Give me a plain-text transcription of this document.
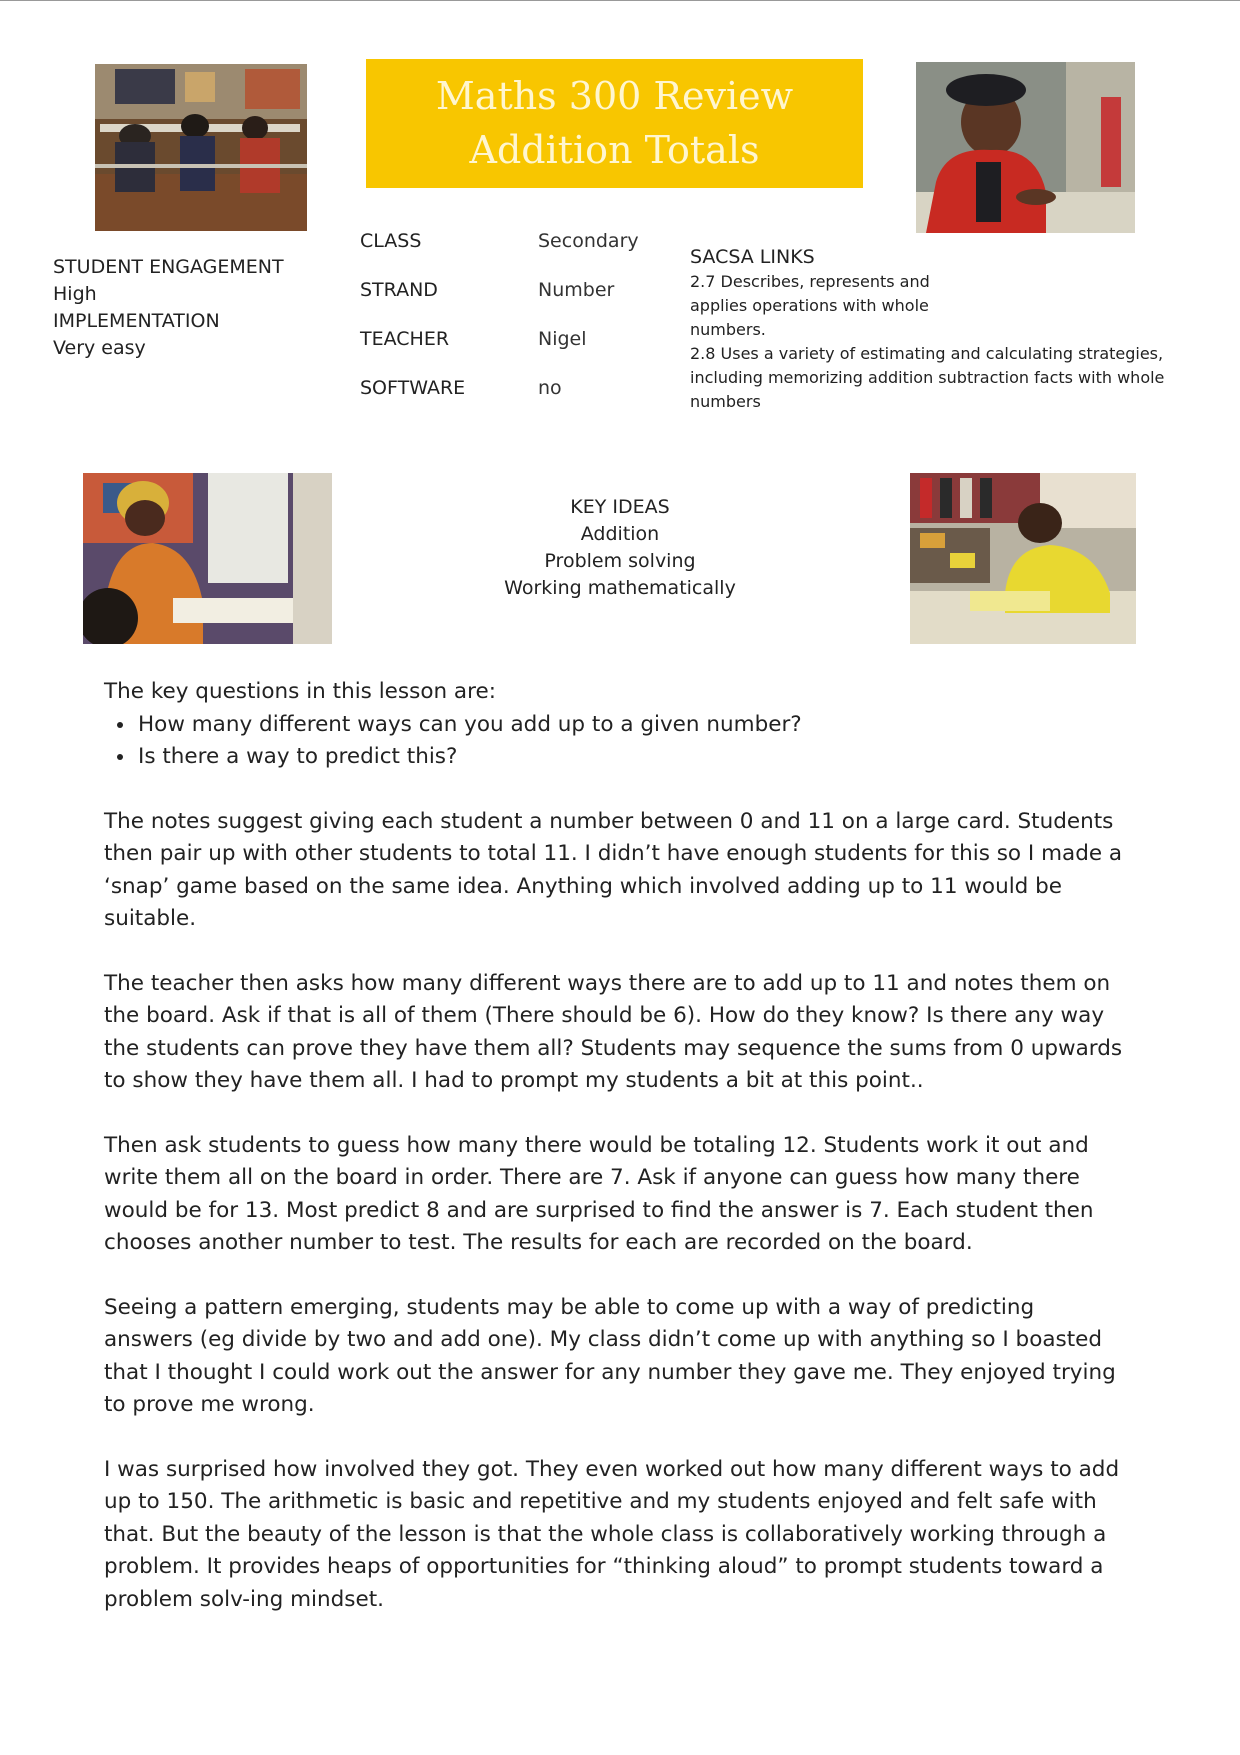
Maths 300 Review
Addition Totals
STUDENT ENGAGEMENT
High
IMPLEMENTATION
Very easy
CLASS	Secondary
STRAND	Number
TEACHER	Nigel
SOFTWARE	no
SACSA LINKS
2.7 Describes, represents and
applies operations with whole
numbers.
2.8 Uses a variety of estimating and calculating strategies,
including memorizing addition subtraction facts with whole
numbers
KEY IDEAS
Addition
Problem solving
Working mathematically
The key questions in this lesson are:
• How many different ways can you add up to a given number?
• Is there a way to predict this?

The notes suggest giving each student a number between 0 and 11 on a large card. Students then pair up with other students to total 11. I didn’t have enough students for this so I made a ‘snap’ game based on the same idea. Anything which involved adding up to 11 would be suitable.

The teacher then asks how many different ways there are to add up to 11 and notes them on the board. Ask if that is all of them (There should be 6). How do they know? Is there any way the students can prove they have them all? Students may sequence the sums from 0 upwards to show they have them all. I had to prompt my students a bit at this point..

Then ask students to guess how many there would be totaling 12. Students work it out and write them all on the board in order. There are 7. Ask if anyone can guess how many there would be for 13. Most predict 8 and are surprised to find the answer is 7. Each student then chooses another number to test. The results for each are recorded on the board.

Seeing a pattern emerging, students may be able to come up with a way of predicting answers (eg divide by two and add one). My class didn’t come up with anything so I boasted that I thought I could work out the answer for any number they gave me. They enjoyed trying to prove me wrong.

I was surprised how involved they got. They even worked out how many different ways to add up to 150. The arithmetic is basic and repetitive and my students enjoyed and felt safe with that. But the beauty of the lesson is that the whole class is collaboratively working through a problem. It provides heaps of opportunities for “thinking aloud” to prompt students toward a problem solv-ing mindset.
